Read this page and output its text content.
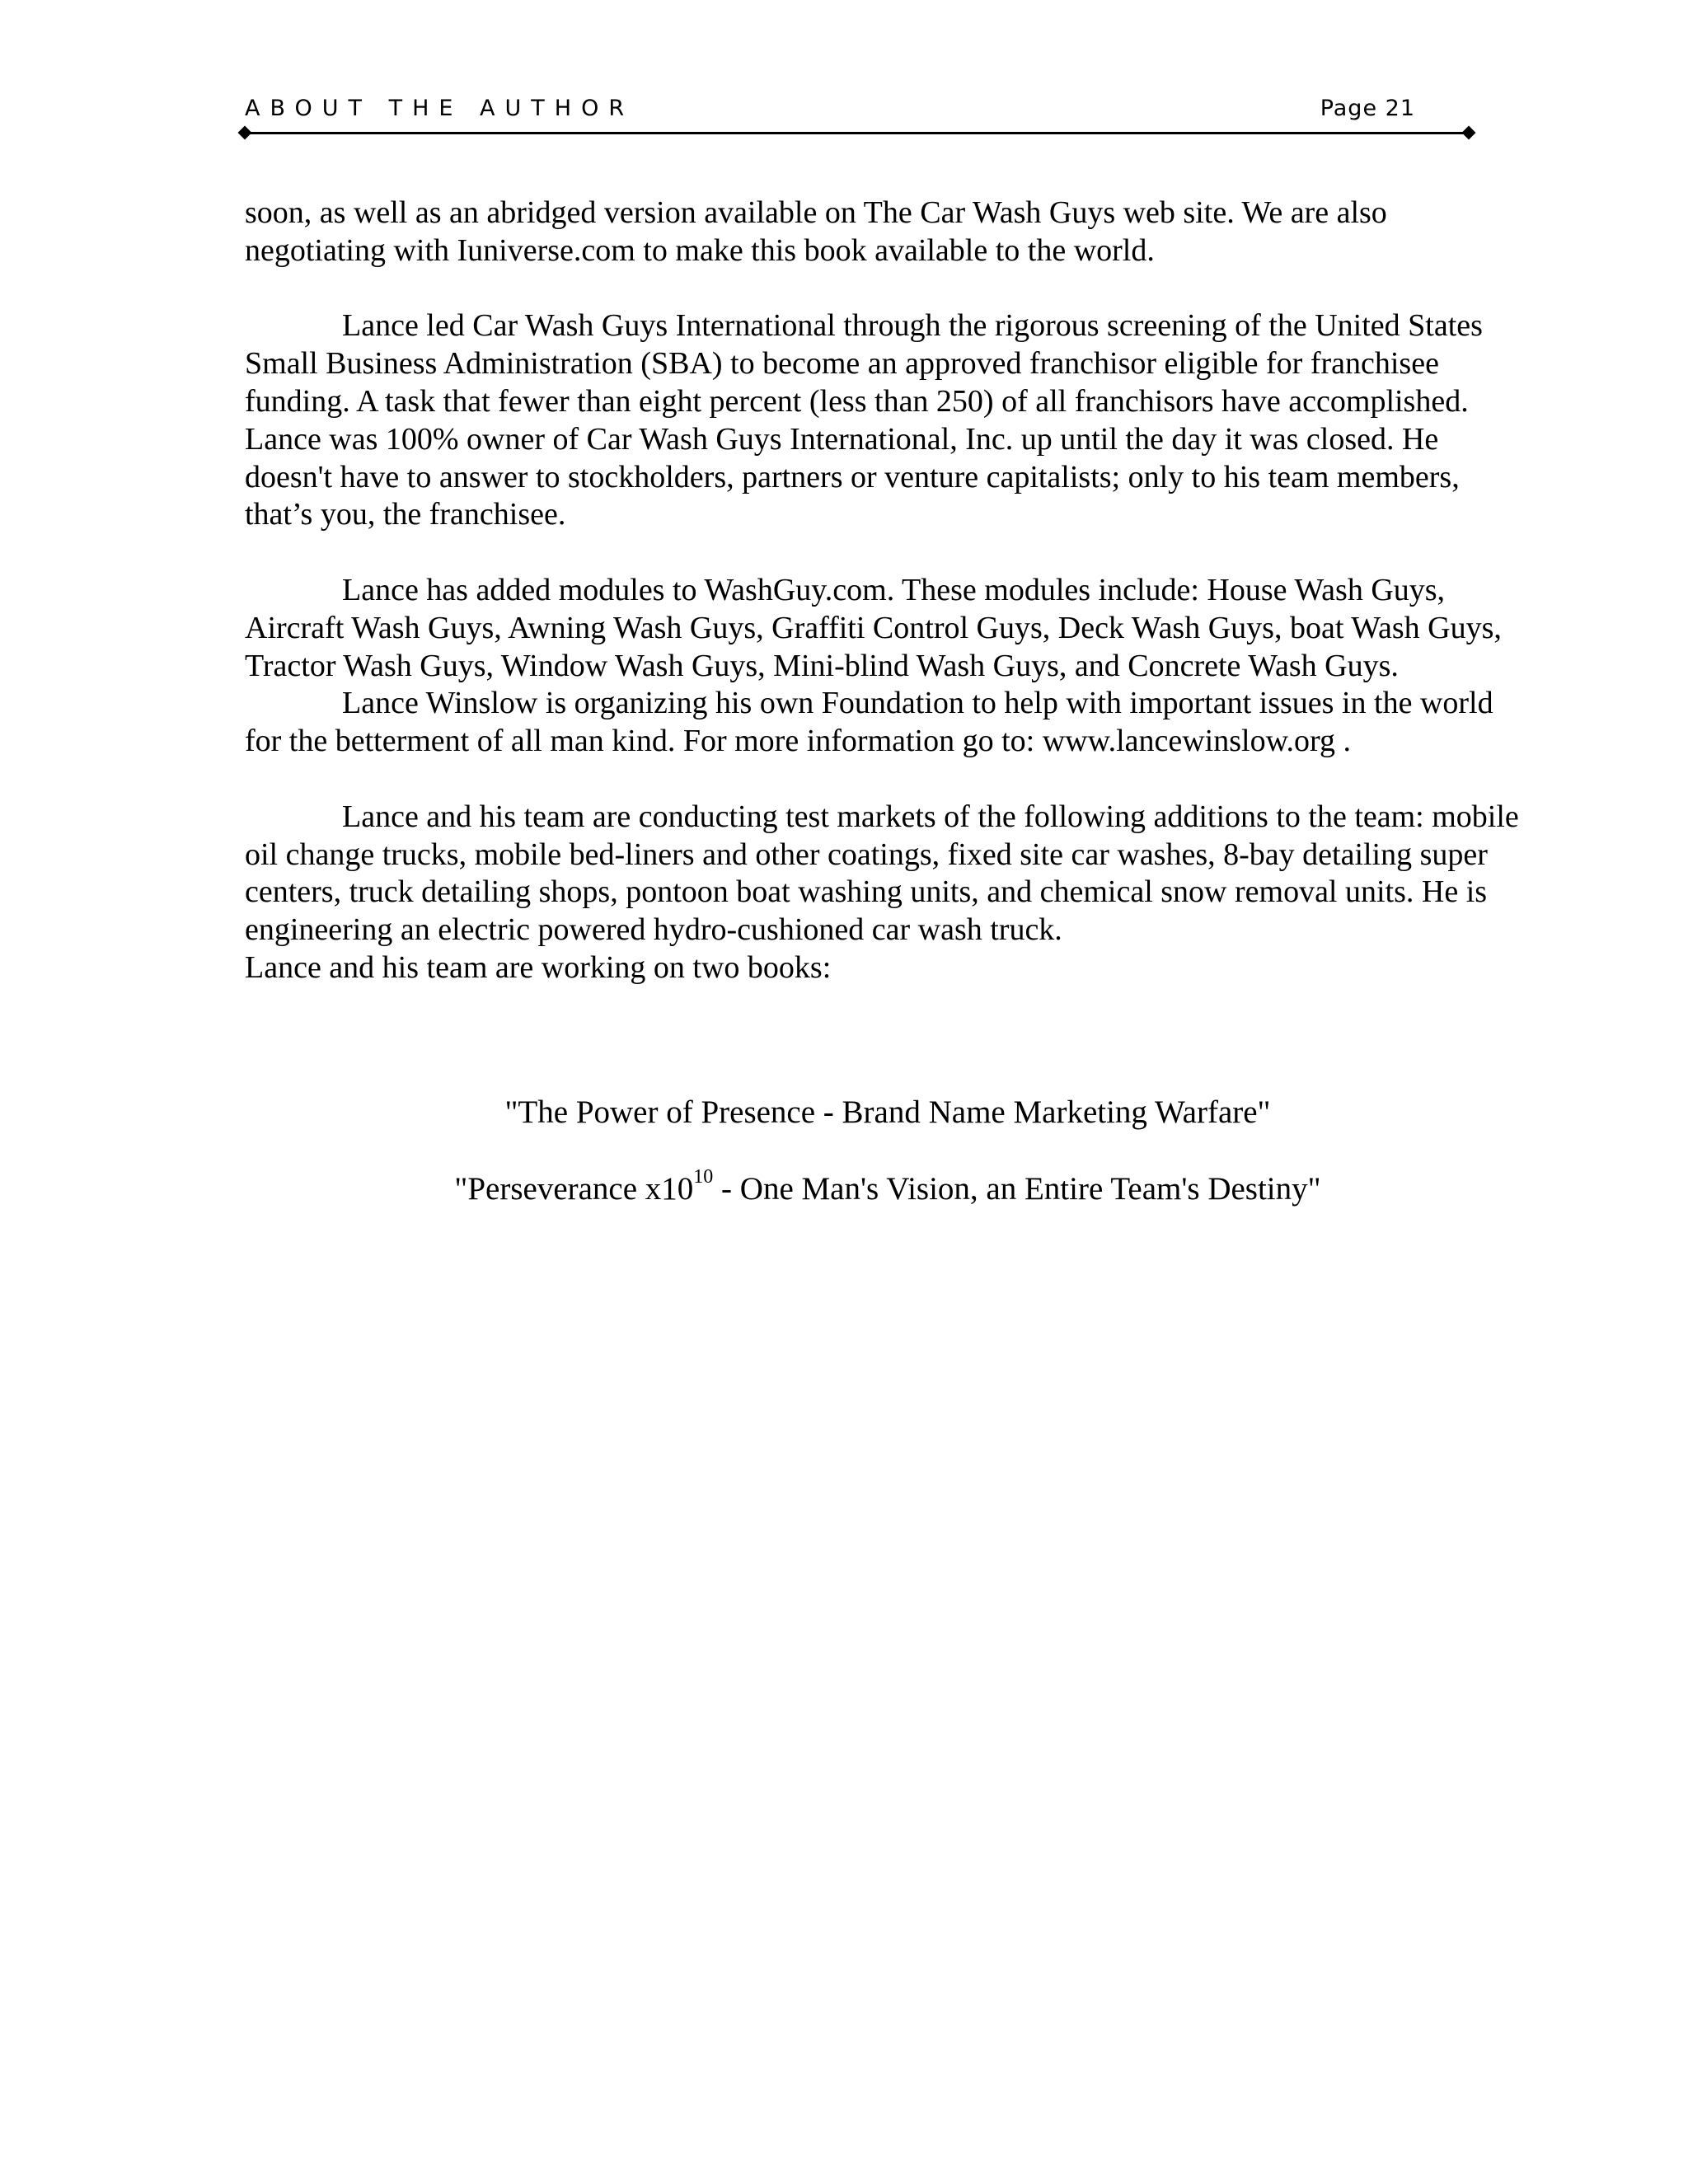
ABOUT THE AUTHOR	Page 21

soon, as well as an abridged version available on The Car Wash Guys web site. We are also negotiating with Iuniverse.com to make this book available to the world.

Lance led Car Wash Guys International through the rigorous screening of the United States Small Business Administration (SBA) to become an approved franchisor eligible for franchisee funding. A task that fewer than eight percent (less than 250) of all franchisors have accomplished.

Lance was 100% owner of Car Wash Guys International, Inc. up until the day it was closed. He doesn't have to answer to stockholders, partners or venture capitalists; only to his team members, that’s you, the franchisee.

Lance has added modules to WashGuy.com. These modules include: House Wash Guys, Aircraft Wash Guys, Awning Wash Guys, Graffiti Control Guys, Deck Wash Guys, boat Wash Guys, Tractor Wash Guys, Window Wash Guys, Mini-blind Wash Guys, and Concrete Wash Guys.

Lance Winslow is organizing his own Foundation to help with important issues in the world for the betterment of all man kind. For more information go to: www.lancewinslow.org .

Lance and his team are conducting test markets of the following additions to the team: mobile oil change trucks, mobile bed-liners and other coatings, fixed site car washes, 8-bay detailing super centers, truck detailing shops, pontoon boat washing units, and chemical snow removal units. He is engineering an electric powered hydro-cushioned car wash truck.

Lance and his team are working on two books:

"The Power of Presence - Brand Name Marketing Warfare"
"Perseverance $x10^{10}$ - One Man's Vision, an Entire Team's Destiny"
